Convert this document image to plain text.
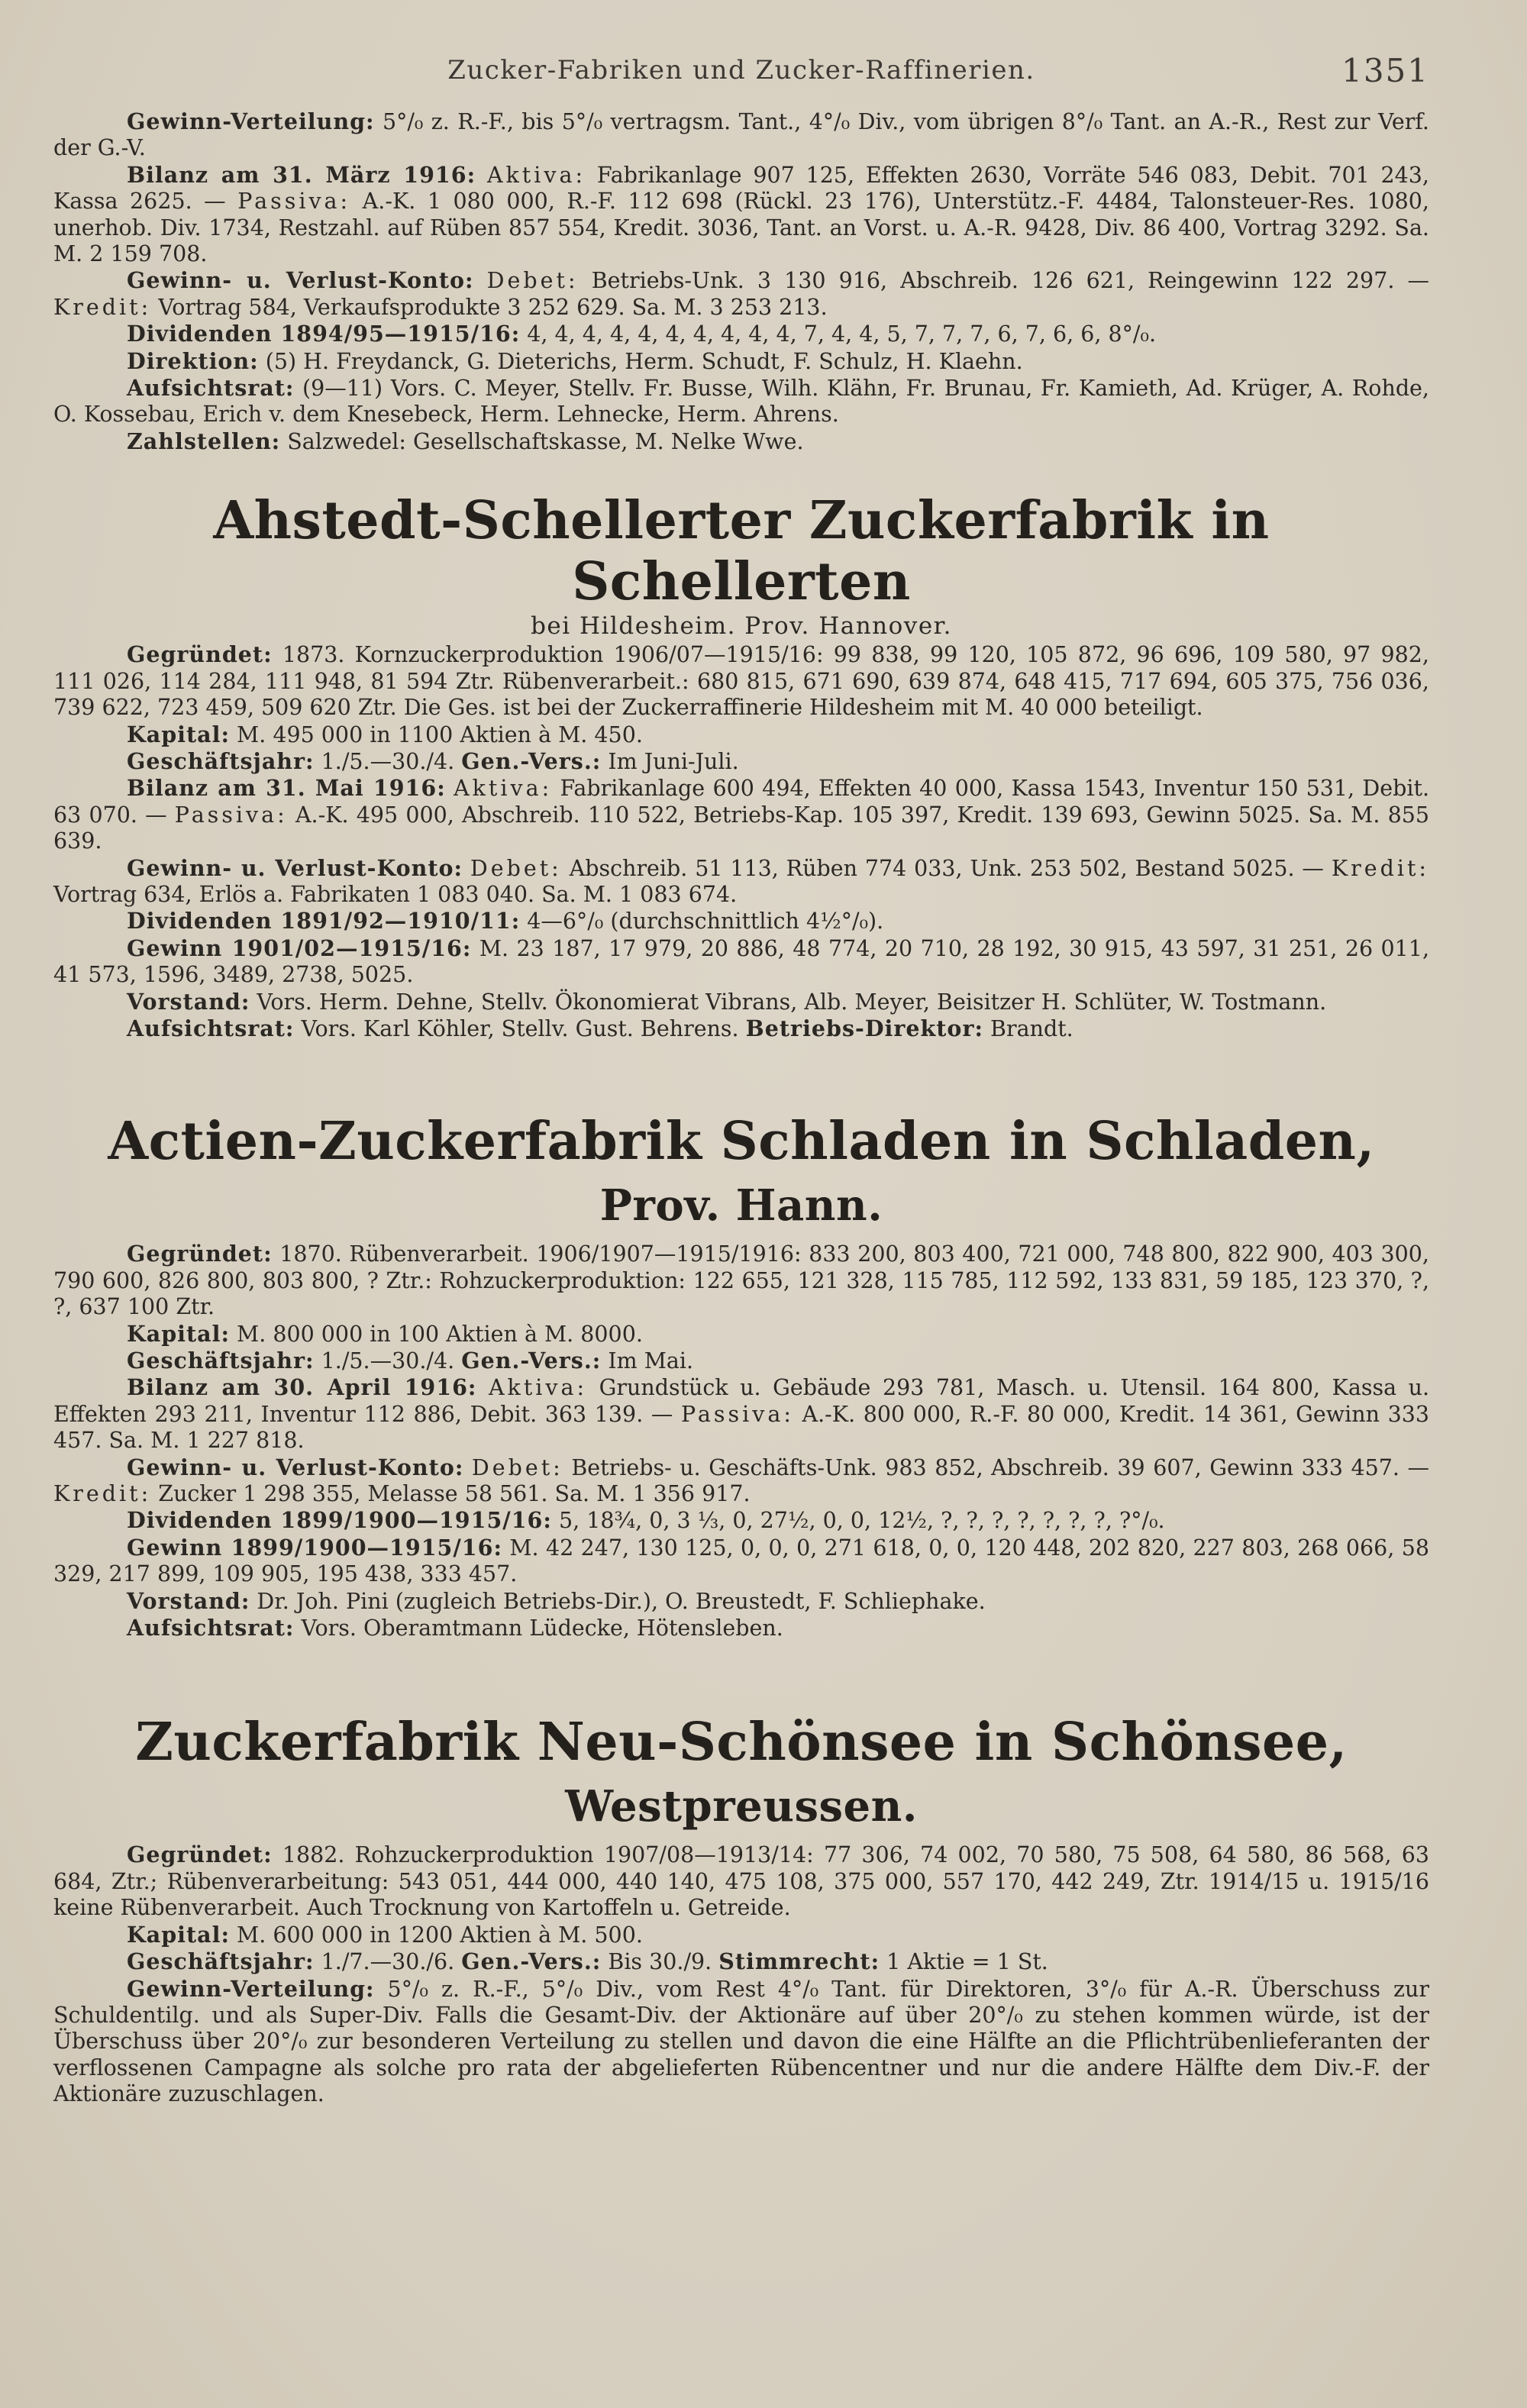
Zucker-Fabriken und Zucker-Raffinerien.	1351

Gewinn-Verteilung: 5°/₀ z. R.-F., bis 5°/₀ vertragsm. Tant., 4°/₀ Div., vom übrigen 8°/₀ Tant. an A.-R., Rest zur Verf. der G.-V.

Bilanz am 31. März 1916: Aktiva: Fabrikanlage 907 125, Effekten 2630, Vorräte 546 083, Debit. 701 243, Kassa 2625. — Passiva: A.-K. 1 080 000, R.-F. 112 698 (Rückl. 23 176), Unterstütz.-F. 4484, Talonsteuer-Res. 1080, unerhob. Div. 1734, Restzahl. auf Rüben 857 554, Kredit. 3036, Tant. an Vorst. u. A.-R. 9428, Div. 86 400, Vortrag 3292. Sa. M. 2 159 708.

Gewinn- u. Verlust-Konto: Debet: Betriebs-Unk. 3 130 916, Abschreib. 126 621, Reingewinn 122 297. — Kredit: Vortrag 584, Verkaufsprodukte 3 252 629. Sa. M. 3 253 213.

Dividenden 1894/95—1915/16: 4, 4, 4, 4, 4, 4, 4, 4, 4, 4, 7, 4, 4, 5, 7, 7, 7, 6, 7, 6, 6, 8°/₀.

Direktion: (5) H. Freydanck, G. Dieterichs, Herm. Schudt, F. Schulz, H. Klaehn.

Aufsichtsrat: (9—11) Vors. C. Meyer, Stellv. Fr. Busse, Wilh. Klähn, Fr. Brunau, Fr. Kamieth, Ad. Krüger, A. Rohde, O. Kossebau, Erich v. dem Knesebeck, Herm. Lehnecke, Herm. Ahrens.

Zahlstellen: Salzwedel: Gesellschaftskasse, M. Nelke Wwe.

Ahstedt-Schellerter Zuckerfabrik in Schellerten
bei Hildesheim. Prov. Hannover.

Gegründet: 1873. Kornzuckerproduktion 1906/07—1915/16: 99 838, 99 120, 105 872, 96 696, 109 580, 97 982, 111 026, 114 284, 111 948, 81 594 Ztr. Rübenverarbeit.: 680 815, 671 690, 639 874, 648 415, 717 694, 605 375, 756 036, 739 622, 723 459, 509 620 Ztr. Die Ges. ist bei der Zuckerraffinerie Hildesheim mit M. 40 000 beteiligt.

Kapital: M. 495 000 in 1100 Aktien à M. 450.

Geschäftsjahr: 1./5.—30./4. Gen.-Vers.: Im Juni-Juli.

Bilanz am 31. Mai 1916: Aktiva: Fabrikanlage 600 494, Effekten 40 000, Kassa 1543, Inventur 150 531, Debit. 63 070. — Passiva: A.-K. 495 000, Abschreib. 110 522, Betriebs-Kap. 105 397, Kredit. 139 693, Gewinn 5025. Sa. M. 855 639.

Gewinn- u. Verlust-Konto: Debet: Abschreib. 51 113, Rüben 774 033, Unk. 253 502, Bestand 5025. — Kredit: Vortrag 634, Erlös a. Fabrikaten 1 083 040. Sa. M. 1 083 674.

Dividenden 1891/92—1910/11: 4—6°/₀ (durchschnittlich 4½°/₀).

Gewinn 1901/02—1915/16: M. 23 187, 17 979, 20 886, 48 774, 20 710, 28 192, 30 915, 43 597, 31 251, 26 011, 41 573, 1596, 3489, 2738, 5025.

Vorstand: Vors. Herm. Dehne, Stellv. Ökonomierat Vibrans, Alb. Meyer, Beisitzer H. Schlüter, W. Tostmann.

Aufsichtsrat: Vors. Karl Köhler, Stellv. Gust. Behrens. Betriebs-Direktor: Brandt.

Actien-Zuckerfabrik Schladen in Schladen, Prov. Hann.

Gegründet: 1870. Rübenverarbeit. 1906/1907—1915/1916: 833 200, 803 400, 721 000, 748 800, 822 900, 403 300, 790 600, 826 800, 803 800, ? Ztr.: Rohzuckerproduktion: 122 655, 121 328, 115 785, 112 592, 133 831, 59 185, 123 370, ?, ?, 637 100 Ztr.

Kapital: M. 800 000 in 100 Aktien à M. 8000.

Geschäftsjahr: 1./5.—30./4. Gen.-Vers.: Im Mai.

Bilanz am 30. April 1916: Aktiva: Grundstück u. Gebäude 293 781, Masch. u. Utensil. 164 800, Kassa u. Effekten 293 211, Inventur 112 886, Debit. 363 139. — Passiva: A.-K. 800 000, R.-F. 80 000, Kredit. 14 361, Gewinn 333 457. Sa. M. 1 227 818.

Gewinn- u. Verlust-Konto: Debet: Betriebs- u. Geschäfts-Unk. 983 852, Abschreib. 39 607, Gewinn 333 457. — Kredit: Zucker 1 298 355, Melasse 58 561. Sa. M. 1 356 917.

Dividenden 1899/1900—1915/16: 5, 18¾, 0, 3 ⅓, 0, 27½, 0, 0, 12½, ?, ?, ?, ?, ?, ?, ?, ?°/₀.

Gewinn 1899/1900—1915/16: M. 42 247, 130 125, 0, 0, 0, 271 618, 0, 0, 120 448, 202 820, 227 803, 268 066, 58 329, 217 899, 109 905, 195 438, 333 457.

Vorstand: Dr. Joh. Pini (zugleich Betriebs-Dir.), O. Breustedt, F. Schliephake.

Aufsichtsrat: Vors. Oberamtmann Lüdecke, Hötensleben.

Zuckerfabrik Neu-Schönsee in Schönsee, Westpreussen.

Gegründet: 1882. Rohzuckerproduktion 1907/08—1913/14: 77 306, 74 002, 70 580, 75 508, 64 580, 86 568, 63 684, Ztr.; Rübenverarbeitung: 543 051, 444 000, 440 140, 475 108, 375 000, 557 170, 442 249, Ztr. 1914/15 u. 1915/16 keine Rübenverarbeit. Auch Trocknung von Kartoffeln u. Getreide.

Kapital: M. 600 000 in 1200 Aktien à M. 500.

Geschäftsjahr: 1./7.—30./6. Gen.-Vers.: Bis 30./9. Stimmrecht: 1 Aktie = 1 St.

Gewinn-Verteilung: 5°/₀ z. R.-F., 5°/₀ Div., vom Rest 4°/₀ Tant. für Direktoren, 3°/₀ für A.-R. Überschuss zur Schuldentilg. und als Super-Div. Falls die Gesamt-Div. der Aktionäre auf über 20°/₀ zu stehen kommen würde, ist der Überschuss über 20°/₀ zur besonderen Verteilung zu stellen und davon die eine Hälfte an die Pflichtrübenlieferanten der verflossenen Campagne als solche pro rata der abgelieferten Rübencentner und nur die andere Hälfte dem Div.-F. der Aktionäre zuzuschlagen.
